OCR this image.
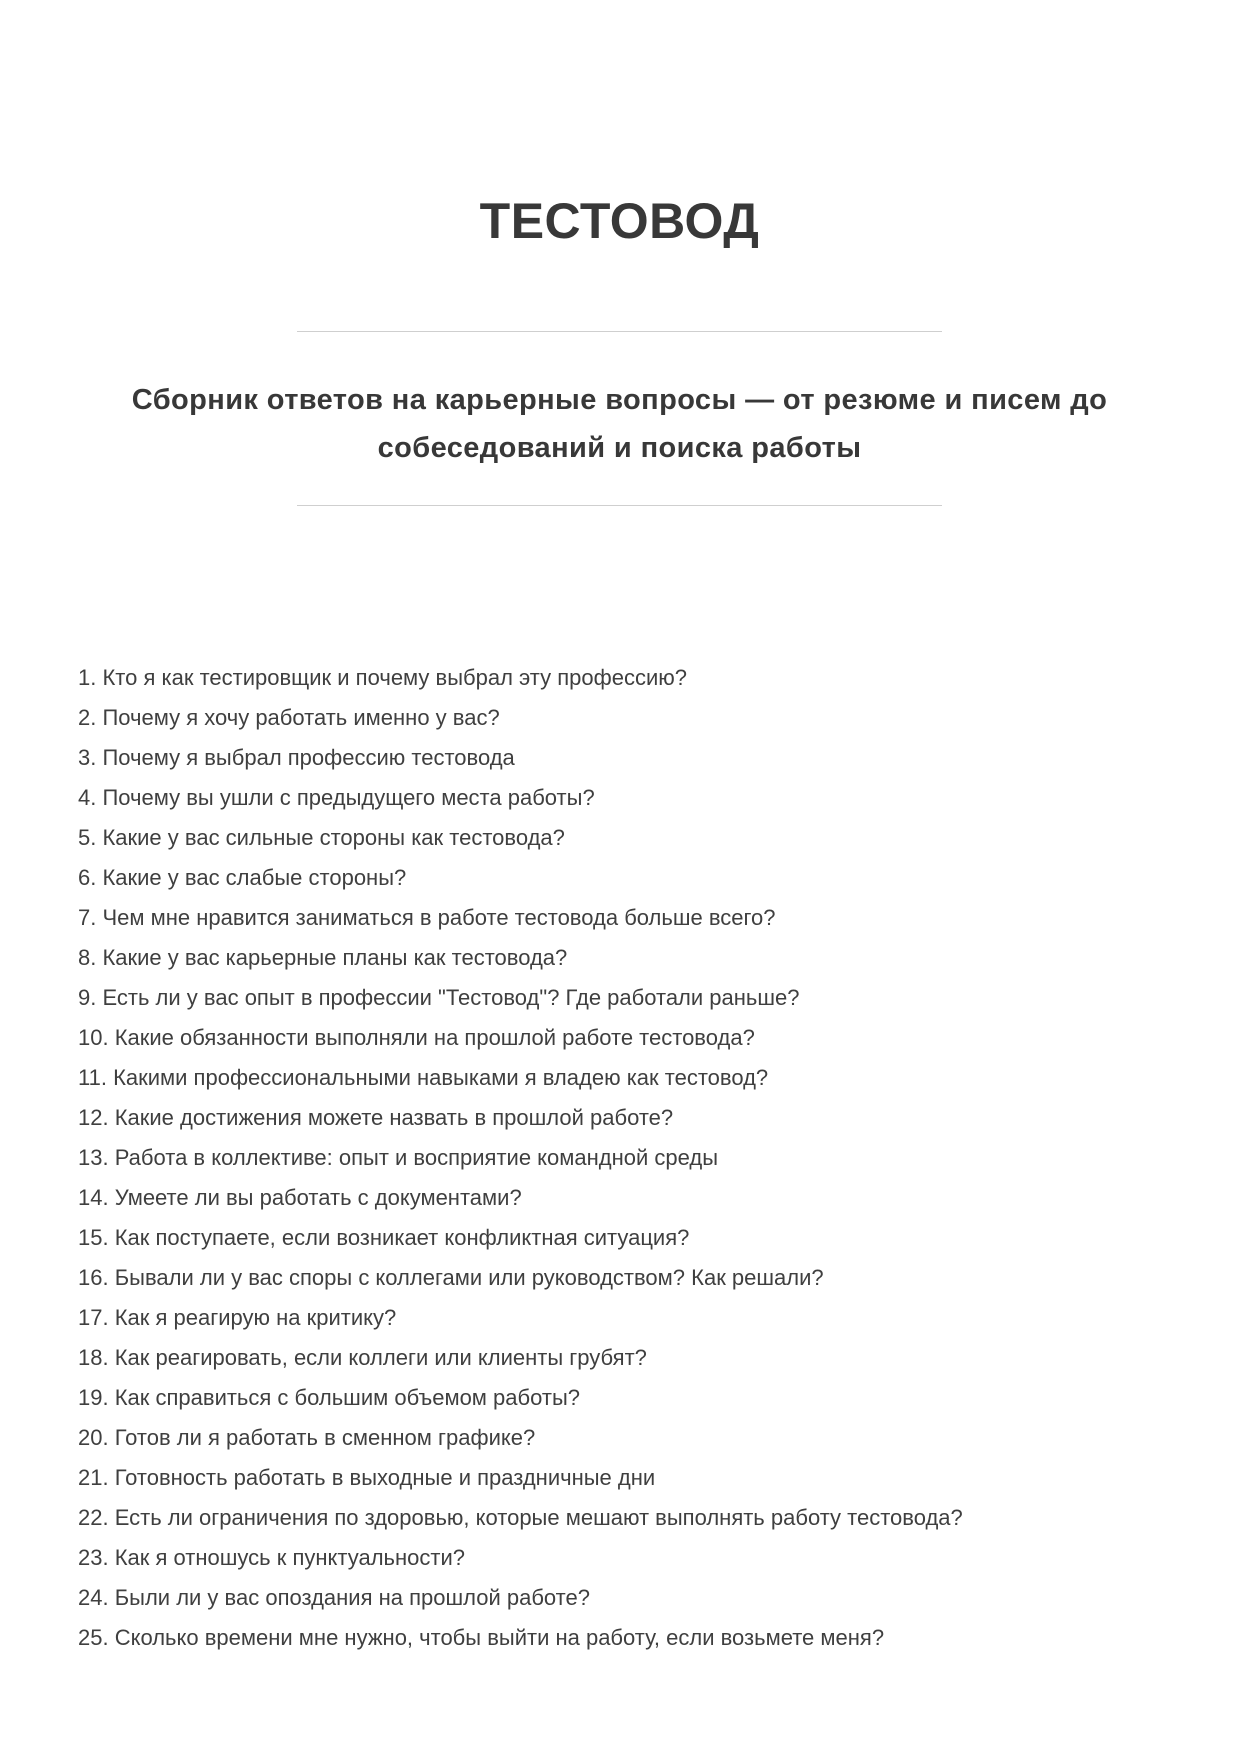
ТЕСТОВОД
Сборник ответов на карьерные вопросы — от резюме и писем до
собеседований и поиска работы
1. Кто я как тестировщик и почему выбрал эту профессию?
2. Почему я хочу работать именно у вас?
3. Почему я выбрал профессию тестовода
4. Почему вы ушли с предыдущего места работы?
5. Какие у вас сильные стороны как тестовода?
6. Какие у вас слабые стороны?
7. Чем мне нравится заниматься в работе тестовода больше всего?
8. Какие у вас карьерные планы как тестовода?
9. Есть ли у вас опыт в профессии "Тестовод"? Где работали раньше?
10. Какие обязанности выполняли на прошлой работе тестовода?
11. Какими профессиональными навыками я владею как тестовод?
12. Какие достижения можете назвать в прошлой работе?
13. Работа в коллективе: опыт и восприятие командной среды
14. Умеете ли вы работать с документами?
15. Как поступаете, если возникает конфликтная ситуация?
16. Бывали ли у вас споры с коллегами или руководством? Как решали?
17. Как я реагирую на критику?
18. Как реагировать, если коллеги или клиенты грубят?
19. Как справиться с большим объемом работы?
20. Готов ли я работать в сменном графике?
21. Готовность работать в выходные и праздничные дни
22. Есть ли ограничения по здоровью, которые мешают выполнять работу тестовода?
23. Как я отношусь к пунктуальности?
24. Были ли у вас опоздания на прошлой работе?
25. Сколько времени мне нужно, чтобы выйти на работу, если возьмете меня?
